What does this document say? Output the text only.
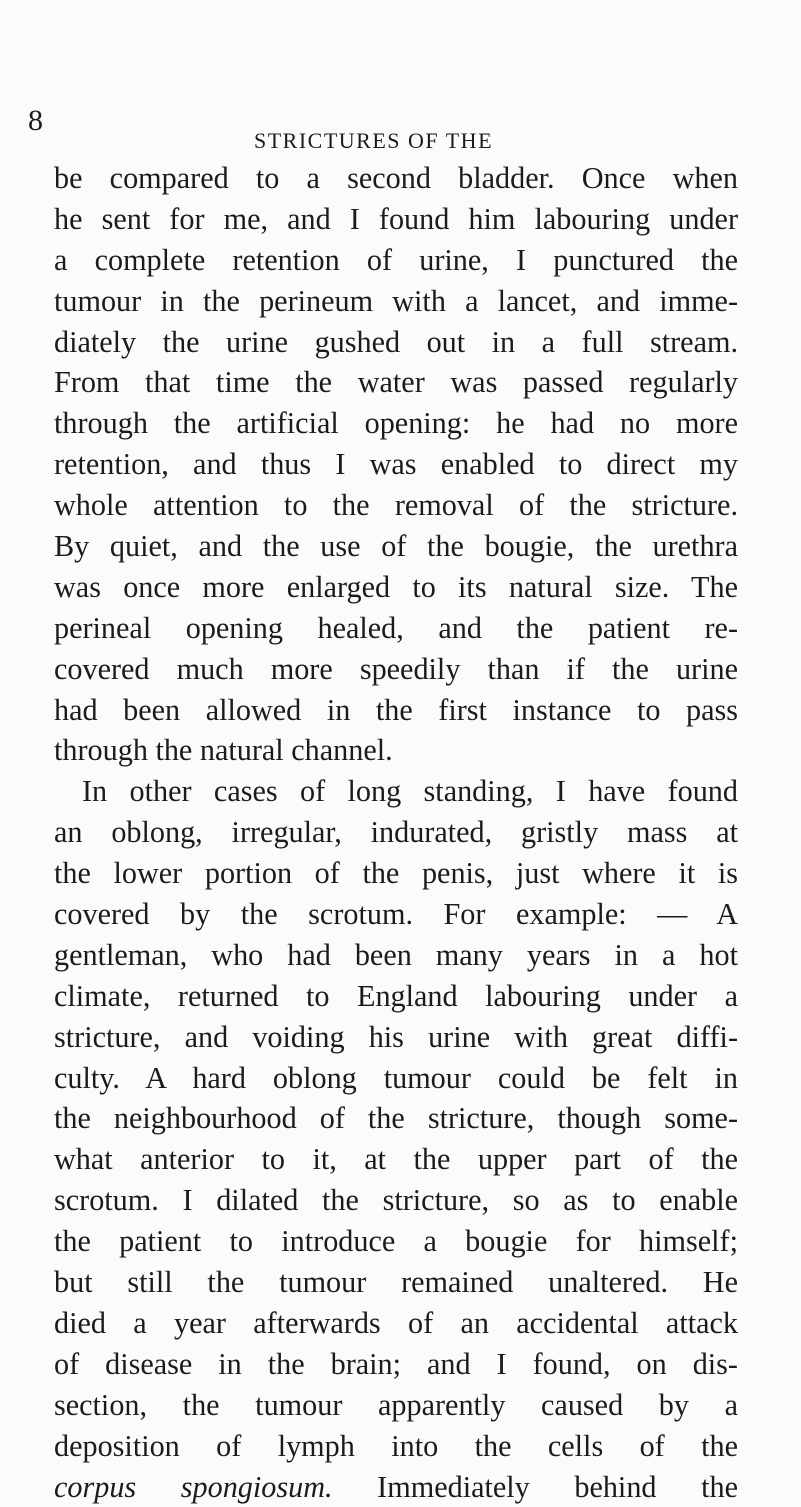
8
STRICTURES OF THE
be compared to a second bladder. Once when
he sent for me, and I found him labouring under
a complete retention of urine, I punctured the
tumour in the perineum with a lancet, and imme-
diately the urine gushed out in a full stream.
From that time the water was passed regularly
through the artificial opening: he had no more
retention, and thus I was enabled to direct my
whole attention to the removal of the stricture.
By quiet, and the use of the bougie, the urethra
was once more enlarged to its natural size. The
perineal opening healed, and the patient re-
covered much more speedily than if the urine
had been allowed in the first instance to pass
through the natural channel.
In other cases of long standing, I have found
an oblong, irregular, indurated, gristly mass at
the lower portion of the penis, just where it is
covered by the scrotum. For example: — A
gentleman, who had been many years in a hot
climate, returned to England labouring under a
stricture, and voiding his urine with great diffi-
culty. A hard oblong tumour could be felt in
the neighbourhood of the stricture, though some-
what anterior to it, at the upper part of the
scrotum. I dilated the stricture, so as to enable
the patient to introduce a bougie for himself;
but still the tumour remained unaltered. He
died a year afterwards of an accidental attack
of disease in the brain; and I found, on dis-
section, the tumour apparently caused by a
deposition of lymph into the cells of the
corpus spongiosum. Immediately behind the
